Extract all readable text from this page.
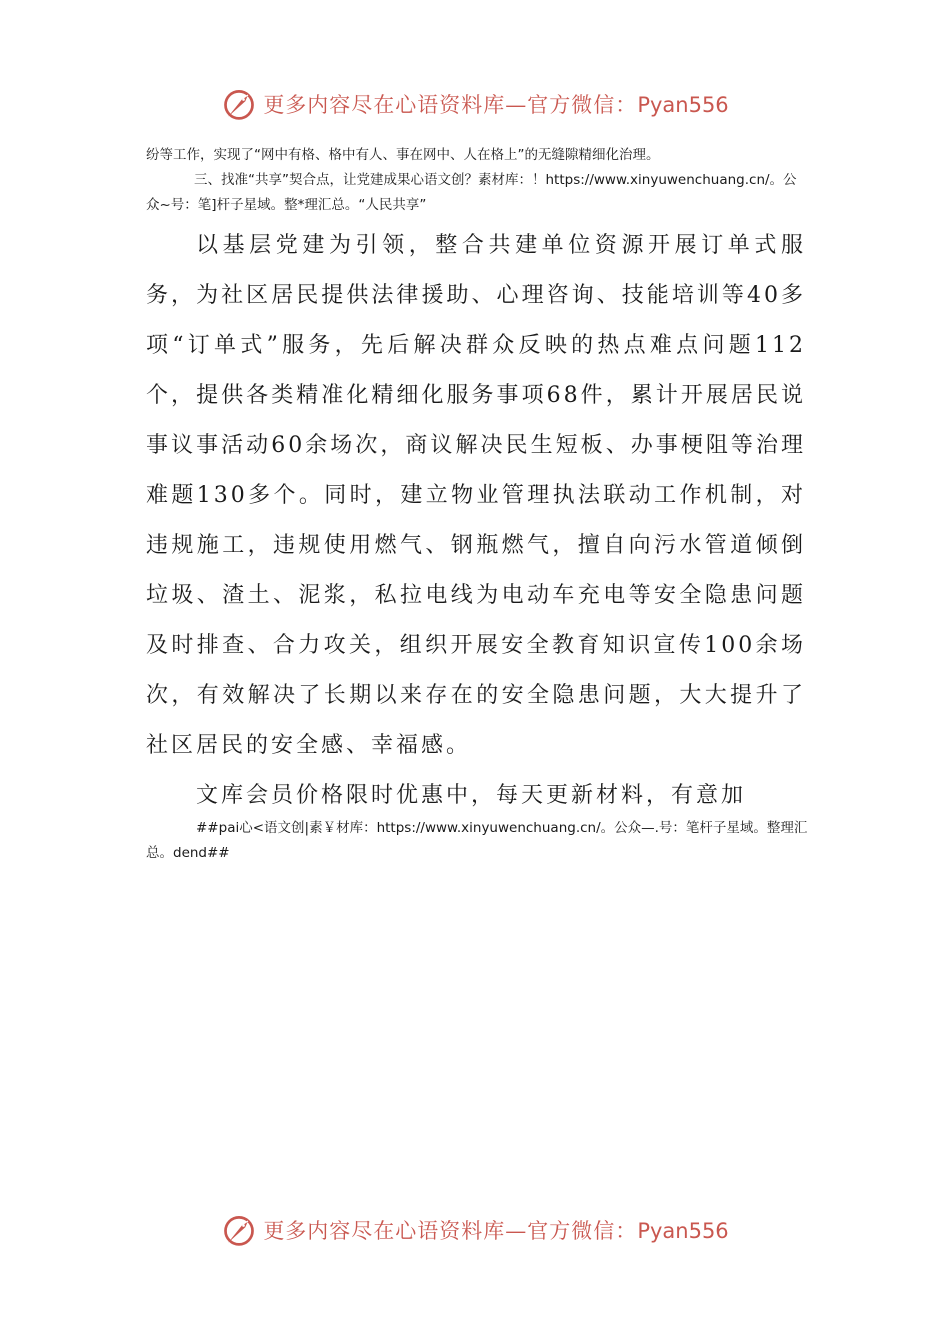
更多内容尽在心语资料库—官方微信：Pyan556

纷等工作，实现了“网中有格、格中有人、事在网中、人在格上”的无缝隙精细化治理。

三、找准“共享”契合点，让党建成果心语文创？素材库：！https://www.xinyuwenchuang.cn/。公众~号：笔]杆子星域。整*理汇总。“人民共享”

以基层党建为引领，整合共建单位资源开展订单式服务，为社区居民提供法律援助、心理咨询、技能培训等40多项“订单式”服务，先后解决群众反映的热点难点问题112个，提供各类精准化精细化服务事项68件，累计开展居民说事议事活动60余场次，商议解决民生短板、办事梗阻等治理难题130多个。同时，建立物业管理执法联动工作机制，对违规施工，违规使用燃气、钢瓶燃气，擅自向污水管道倾倒垃圾、渣土、泥浆，私拉电线为电动车充电等安全隐患问题及时排查、合力攻关，组织开展安全教育知识宣传100余场次，有效解决了长期以来存在的安全隐患问题，大大提升了社区居民的安全感、幸福感。

文库会员价格限时优惠中，每天更新材料，有意加

##pai心<语文创|素￥材库：https://www.xinyuwenchuang.cn/。公众—.号：笔杆子星域。整理汇总。dend##

更多内容尽在心语资料库—官方微信：Pyan556
